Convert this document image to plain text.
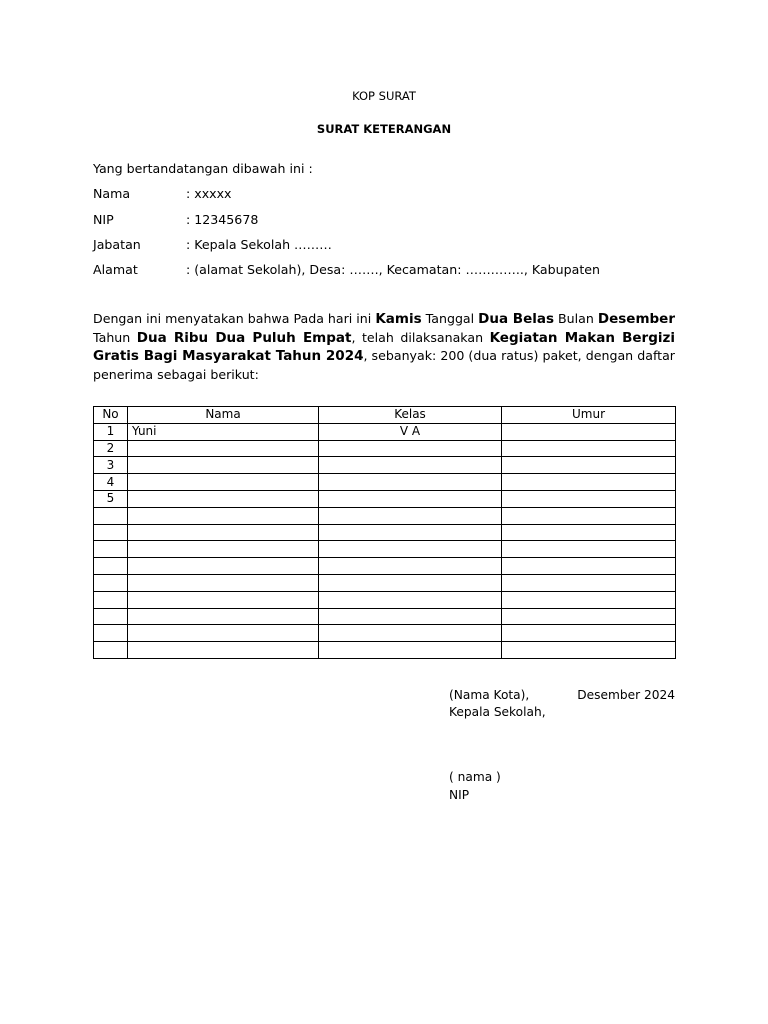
KOP SURAT
SURAT KETERANGAN
Yang bertandatangan dibawah ini :
Nama	: xxxxx
NIP	: 12345678
Jabatan	: Kepala Sekolah ………
Alamat	: (alamat Sekolah), Desa: ……., Kecamatan: ………….., Kabupaten
Dengan ini menyatakan bahwa Pada hari ini Kamis Tanggal Dua Belas Bulan Desember Tahun Dua Ribu Dua Puluh Empat, telah dilaksanakan Kegiatan Makan Bergizi Gratis Bagi Masyarakat Tahun 2024, sebanyak: 200 (dua ratus) paket, dengan daftar penerima sebagai berikut:
No	Nama	Kelas	Umur
1	Yuni	V A	
2			
3			
4			
5			

(Nama Kota),	Desember 2024
Kepala Sekolah,
( nama )
NIP
